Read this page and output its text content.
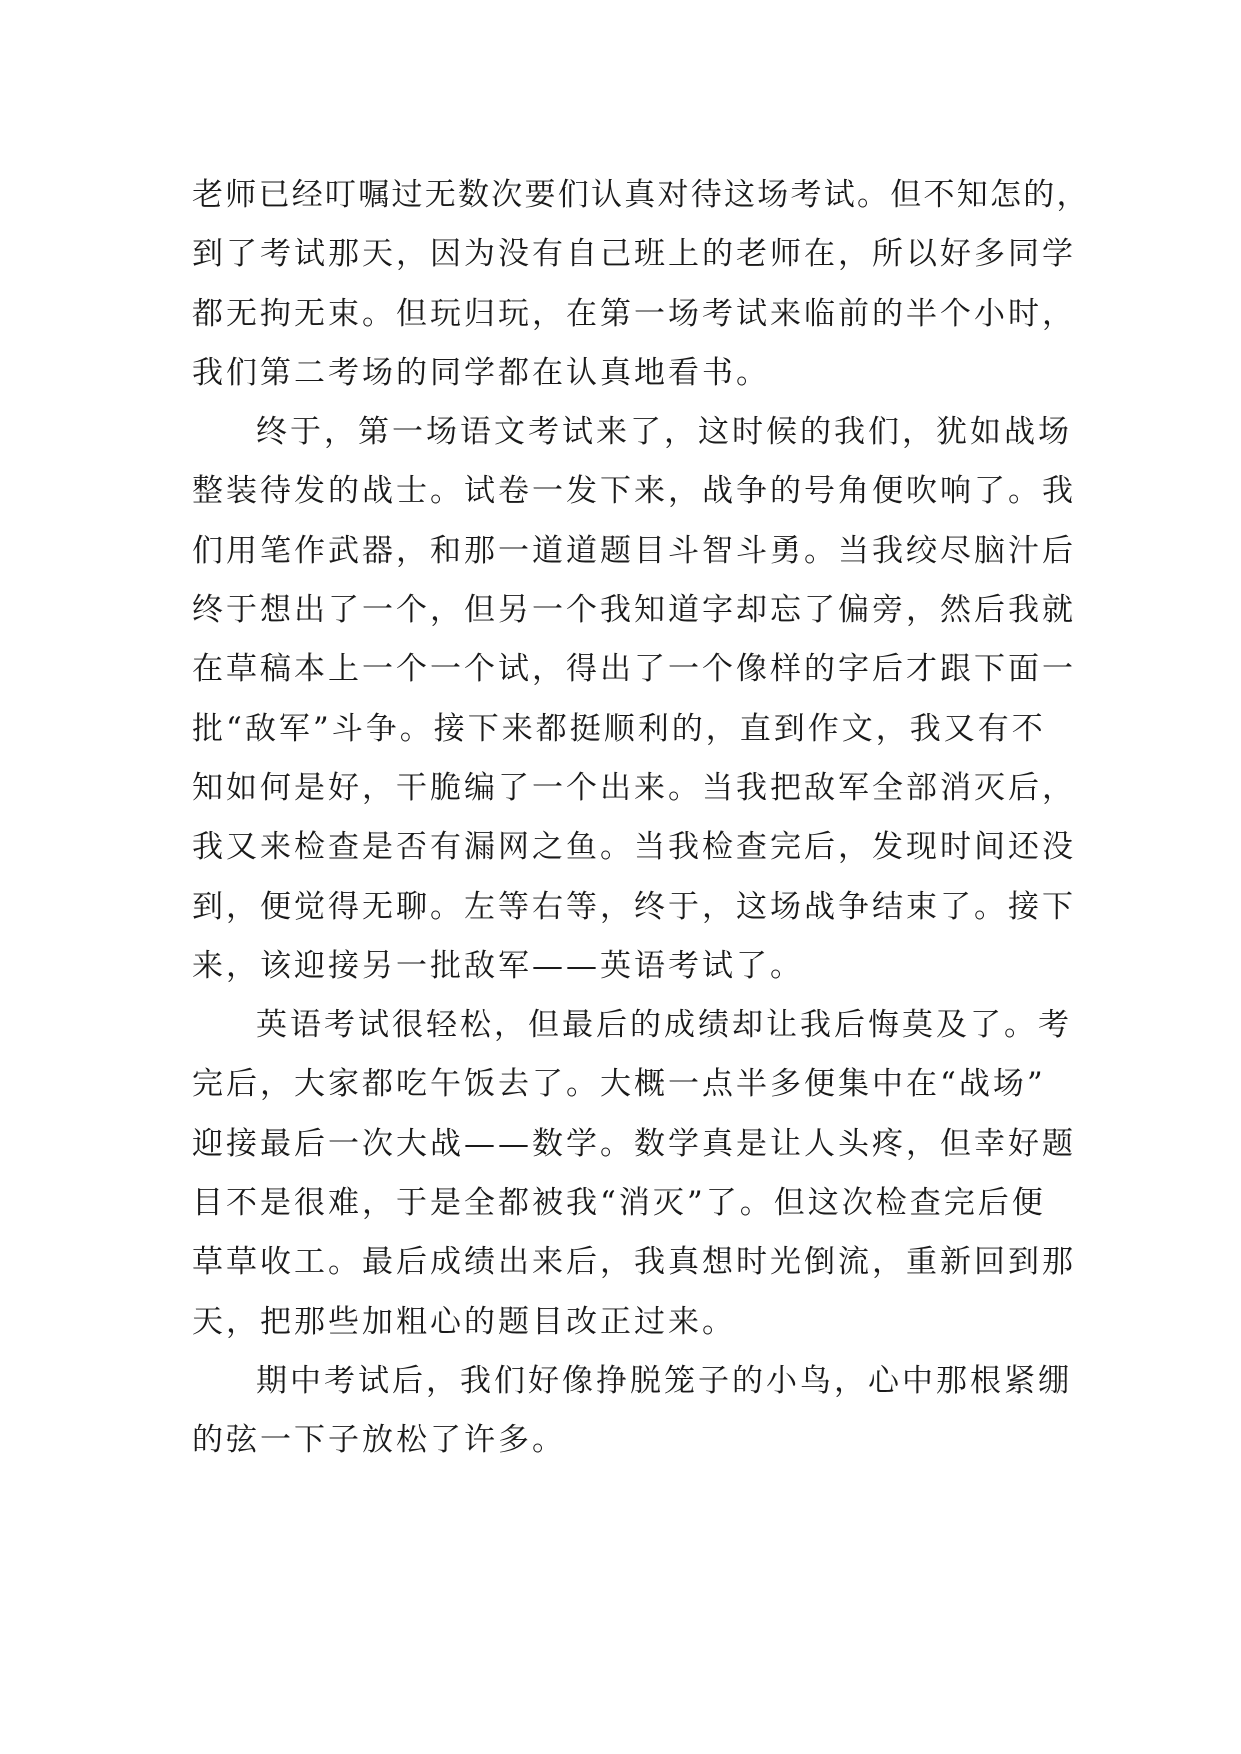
老师已经叮嘱过无数次要们认真对待这场考试。但不知怎的，
到了考试那天，因为没有自己班上的老师在，所以好多同学
都无拘无束。但玩归玩，在第一场考试来临前的半个小时，
我们第二考场的同学都在认真地看书。
终于，第一场语文考试来了，这时候的我们，犹如战场
整装待发的战士。试卷一发下来，战争的号角便吹响了。我
们用笔作武器，和那一道道题目斗智斗勇。当我绞尽脑汁后
终于想出了一个，但另一个我知道字却忘了偏旁，然后我就
在草稿本上一个一个试，得出了一个像样的字后才跟下面一
批“敌军”斗争。接下来都挺顺利的，直到作文，我又有不
知如何是好，干脆编了一个出来。当我把敌军全部消灭后，
我又来检查是否有漏网之鱼。当我检查完后，发现时间还没
到，便觉得无聊。左等右等，终于，这场战争结束了。接下
来，该迎接另一批敌军——英语考试了。
英语考试很轻松，但最后的成绩却让我后悔莫及了。考
完后，大家都吃午饭去了。大概一点半多便集中在“战场”
迎接最后一次大战——数学。数学真是让人头疼，但幸好题
目不是很难，于是全都被我“消灭”了。但这次检查完后便
草草收工。最后成绩出来后，我真想时光倒流，重新回到那
天，把那些加粗心的题目改正过来。
期中考试后，我们好像挣脱笼子的小鸟，心中那根紧绷
的弦一下子放松了许多。
